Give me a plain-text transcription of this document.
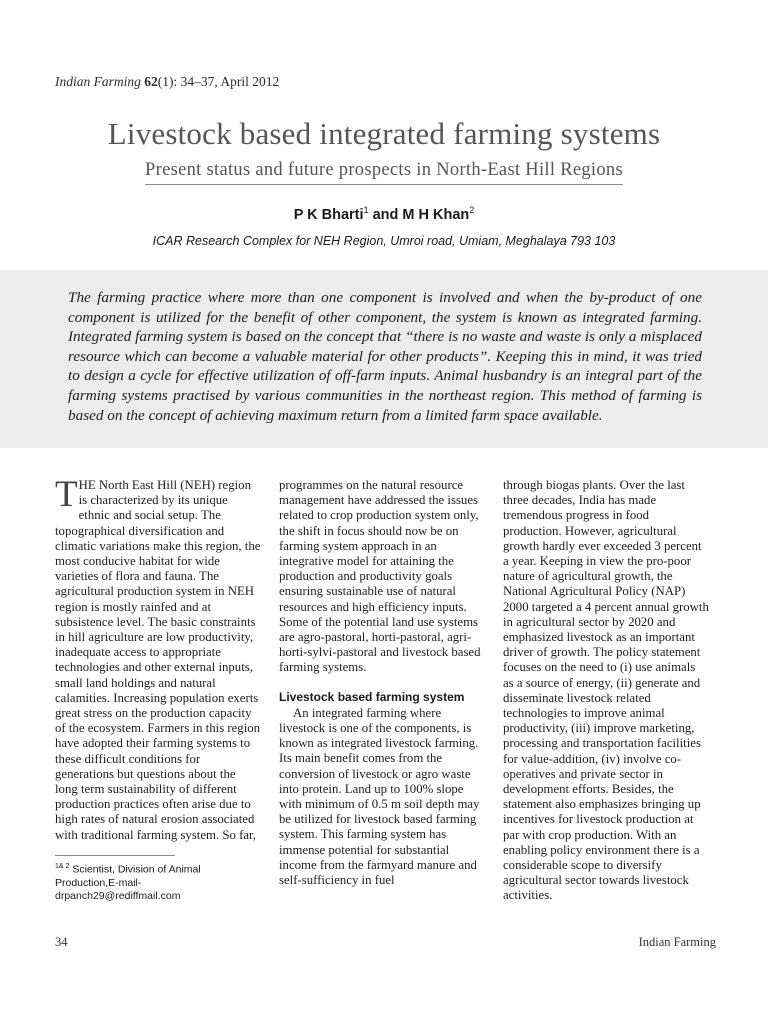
Indian Farming 62(1): 34–37, April 2012
Livestock based integrated farming systems
Present status and future prospects in North-East Hill Regions
P K Bharti$^1$ and M H Khan$^2$
ICAR Research Complex for NEH Region, Umroi road, Umiam, Meghalaya 793 103
The farming practice where more than one component is involved and when the by-product of one component is utilized for the benefit of other component, the system is known as integrated farming. Integrated farming system is based on the concept that “there is no waste and waste is only a misplaced resource which can become a valuable material for other products”. Keeping this in mind, it was tried to design a cycle for effective utilization of off-farm inputs. Animal husbandry is an integral part of the farming systems practised by various communities in the northeast region. This method of farming is based on the concept of achieving maximum return from a limited farm space available.

THE North East Hill (NEH) region is characterized by its unique ethnic and social setup. The topographical diversification and climatic variations make this region, the most conducive habitat for wide varieties of flora and fauna. The agricultural production system in NEH region is mostly rainfed and at subsistence level. The basic constraints in hill agriculture are low productivity, inadequate access to appropriate technologies and other external inputs, small land holdings and natural calamities. Increasing population exerts great stress on the production capacity of the ecosystem. Farmers in this region have adopted their farming systems to these difficult conditions for generations but questions about the long term sustainability of different production practices often arise due to high rates of natural erosion associated with traditional farming system. So far,

programmes on the natural resource management have addressed the issues related to crop production system only, the shift in focus should now be on farming system approach in an integrative model for attaining the production and productivity goals ensuring sustainable use of natural resources and high efficiency inputs. Some of the potential land use systems are agro-pastoral, horti-pastoral, agri-horti-sylvi-pastoral and livestock based farming systems.

Livestock based farming system

An integrated farming where livestock is one of the components, is known as integrated livestock farming. Its main benefit comes from the conversion of livestock or agro waste into protein. Land up to 100% slope with minimum of 0.5 m soil depth may be utilized for livestock based farming system. This farming system has immense potential for substantial income from the farmyard manure and self-sufficiency in fuel

through biogas plants. Over the last three decades, India has made tremendous progress in food production. However, agricultural growth hardly ever exceeded 3 percent a year. Keeping in view the pro-poor nature of agricultural growth, the National Agricultural Policy (NAP) 2000 targeted a 4 percent annual growth in agricultural sector by 2020 and emphasized livestock as an important driver of growth. The policy statement focuses on the need to (i) use animals as a source of energy, (ii) generate and disseminate livestock related technologies to improve animal productivity, (iii) improve marketing, processing and transportation facilities for value-addition, (iv) involve co-operatives and private sector in development efforts. Besides, the statement also emphasizes bringing up incentives for livestock production at par with crop production. With an enabling policy environment there is a considerable scope to diversify agricultural sector towards livestock activities.

$^{1\& 2}$ Scientist, Division of Animal Production,E-mail- drpanch29@rediffmail.com
34	Indian Farming
